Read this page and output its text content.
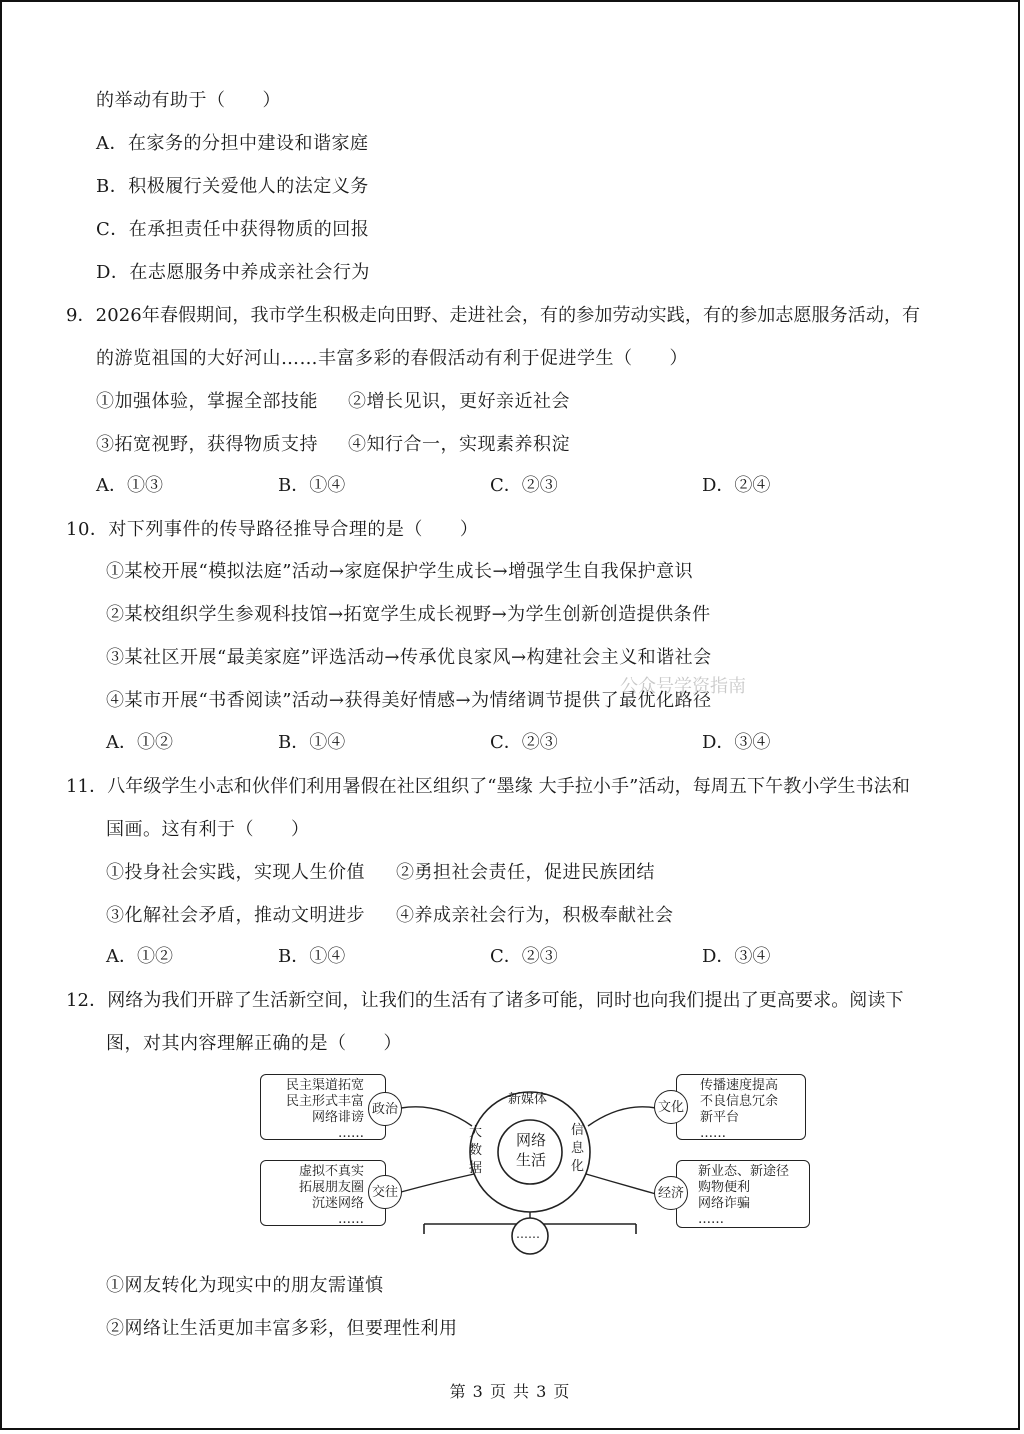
的举动有助于（　　）
A．在家务的分担中建设和谐家庭
B．积极履行关爱他人的法定义务
C．在承担责任中获得物质的回报
D．在志愿服务中养成亲社会行为
9．2026年春假期间，我市学生积极走向田野、走进社会，有的参加劳动实践，有的参加志愿服务活动，有
的游览祖国的大好河山……丰富多彩的春假活动有利于促进学生（　　）
①加强体验，掌握全部技能 ②增长见识，更好亲近社会
③拓宽视野，获得物质支持 ④知行合一，实现素养积淀
A．①③	B．①④	C．②③	D．②④
10．对下列事件的传导路径推导合理的是（　　）
①某校开展“模拟法庭”活动→家庭保护学生成长→增强学生自我保护意识
②某校组织学生参观科技馆→拓宽学生成长视野→为学生创新创造提供条件
③某社区开展“最美家庭”评选活动→传承优良家风→构建社会主义和谐社会
④某市开展“书香阅读”活动→获得美好情感→为情绪调节提供了最优化路径
A．①②	B．①④	C．②③	D．③④
11．八年级学生小志和伙伴们利用暑假在社区组织了“墨缘 大手拉小手”活动，每周五下午教小学生书法和
国画。这有利于（　　）
①投身社会实践，实现人生价值 ②勇担社会责任，促进民族团结
③化解社会矛盾，推动文明进步 ④养成亲社会行为，积极奉献社会
A．①②	B．①④	C．②③	D．③④
12．网络为我们开辟了生活新空间，让我们的生活有了诸多可能，同时也向我们提出了更高要求。阅读下
图，对其内容理解正确的是（　　）
网络
生活
新媒体
大
数
据
信
息
化
……
民主渠道拓宽
民主形式丰富
网络诽谤
……
政治
虚拟不真实
拓展朋友圈
沉迷网络
……
交往
传播速度提高
不良信息冗余
新平台
……
文化
新业态、新途径
购物便利
网络诈骗
……
经济
①网友转化为现实中的朋友需谨慎
②网络让生活更加丰富多彩，但要理性利用
公众号学资指南
第 3 页 共 3 页
